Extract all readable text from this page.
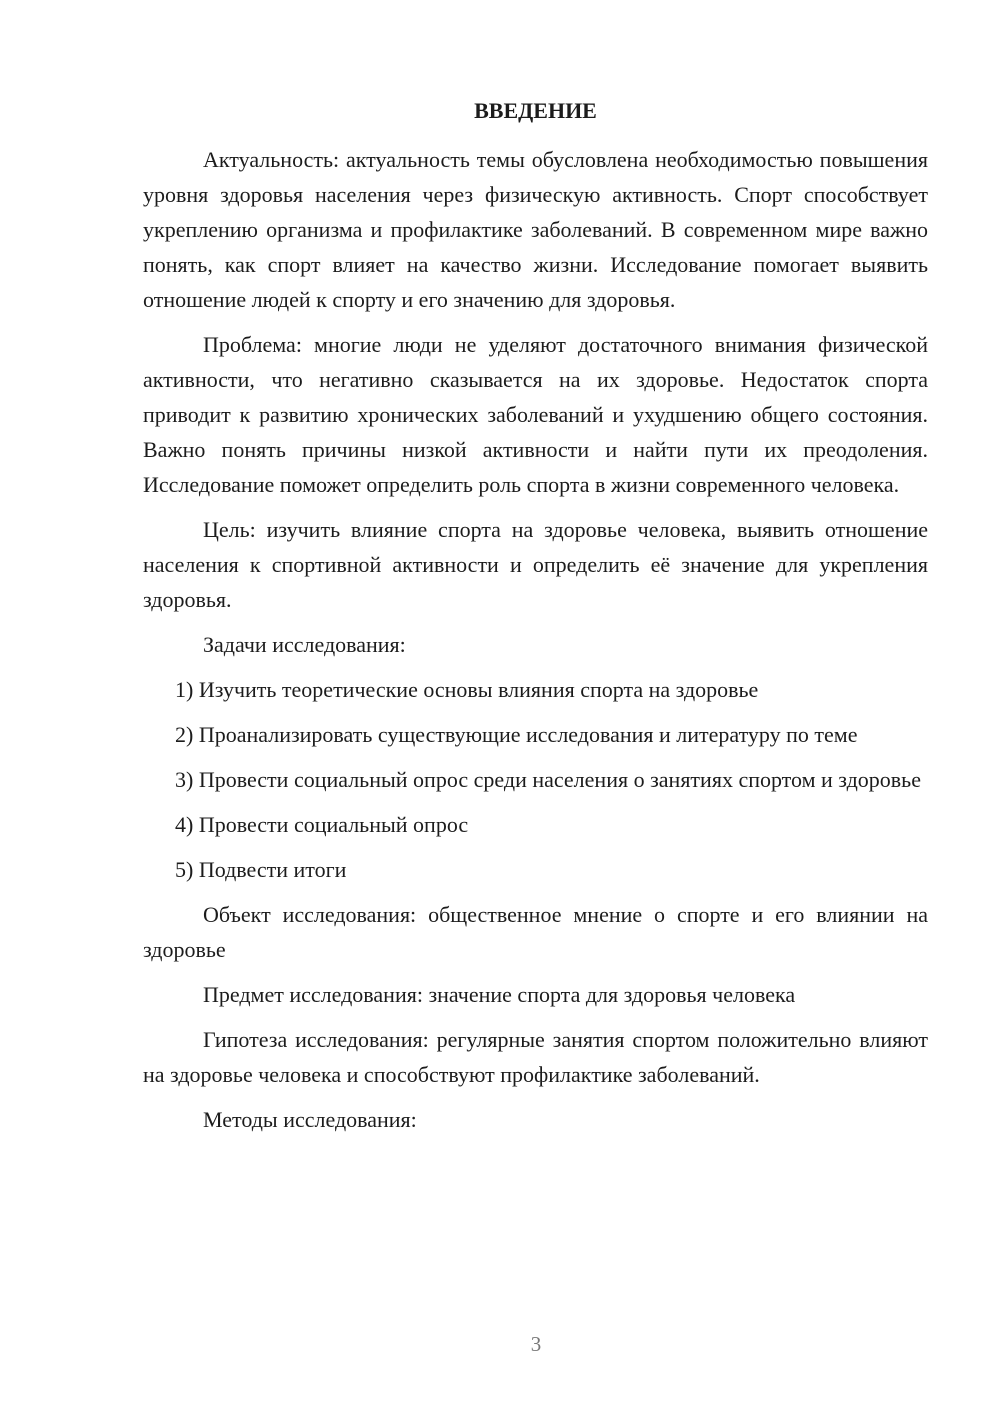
ВВЕДЕНИЕ

Актуальность: актуальность темы обусловлена необходимостью повышения уровня здоровья населения через физическую активность. Спорт способствует укреплению организма и профилактике заболеваний. В современном мире важно понять, как спорт влияет на качество жизни. Исследование помогает выявить отношение людей к спорту и его значению для здоровья.

Проблема: многие люди не уделяют достаточного внимания физической активности, что негативно сказывается на их здоровье. Недостаток спорта приводит к развитию хронических заболеваний и ухудшению общего состояния. Важно понять причины низкой активности и найти пути их преодоления. Исследование поможет определить роль спорта в жизни современного человека.

Цель: изучить влияние спорта на здоровье человека, выявить отношение населения к спортивной активности и определить её значение для укрепления здоровья.

Задачи исследования:

1) Изучить теоретические основы влияния спорта на здоровье

2) Проанализировать существующие исследования и литературу по теме

3) Провести социальный опрос среди населения о занятиях спортом и здоровье

4) Провести социальный опрос

5) Подвести итоги

Объект исследования: общественное мнение о спорте и его влиянии на здоровье

Предмет исследования: значение спорта для здоровья человека

Гипотеза исследования: регулярные занятия спортом положительно влияют на здоровье человека и способствуют профилактике заболеваний.

Методы исследования:

3
